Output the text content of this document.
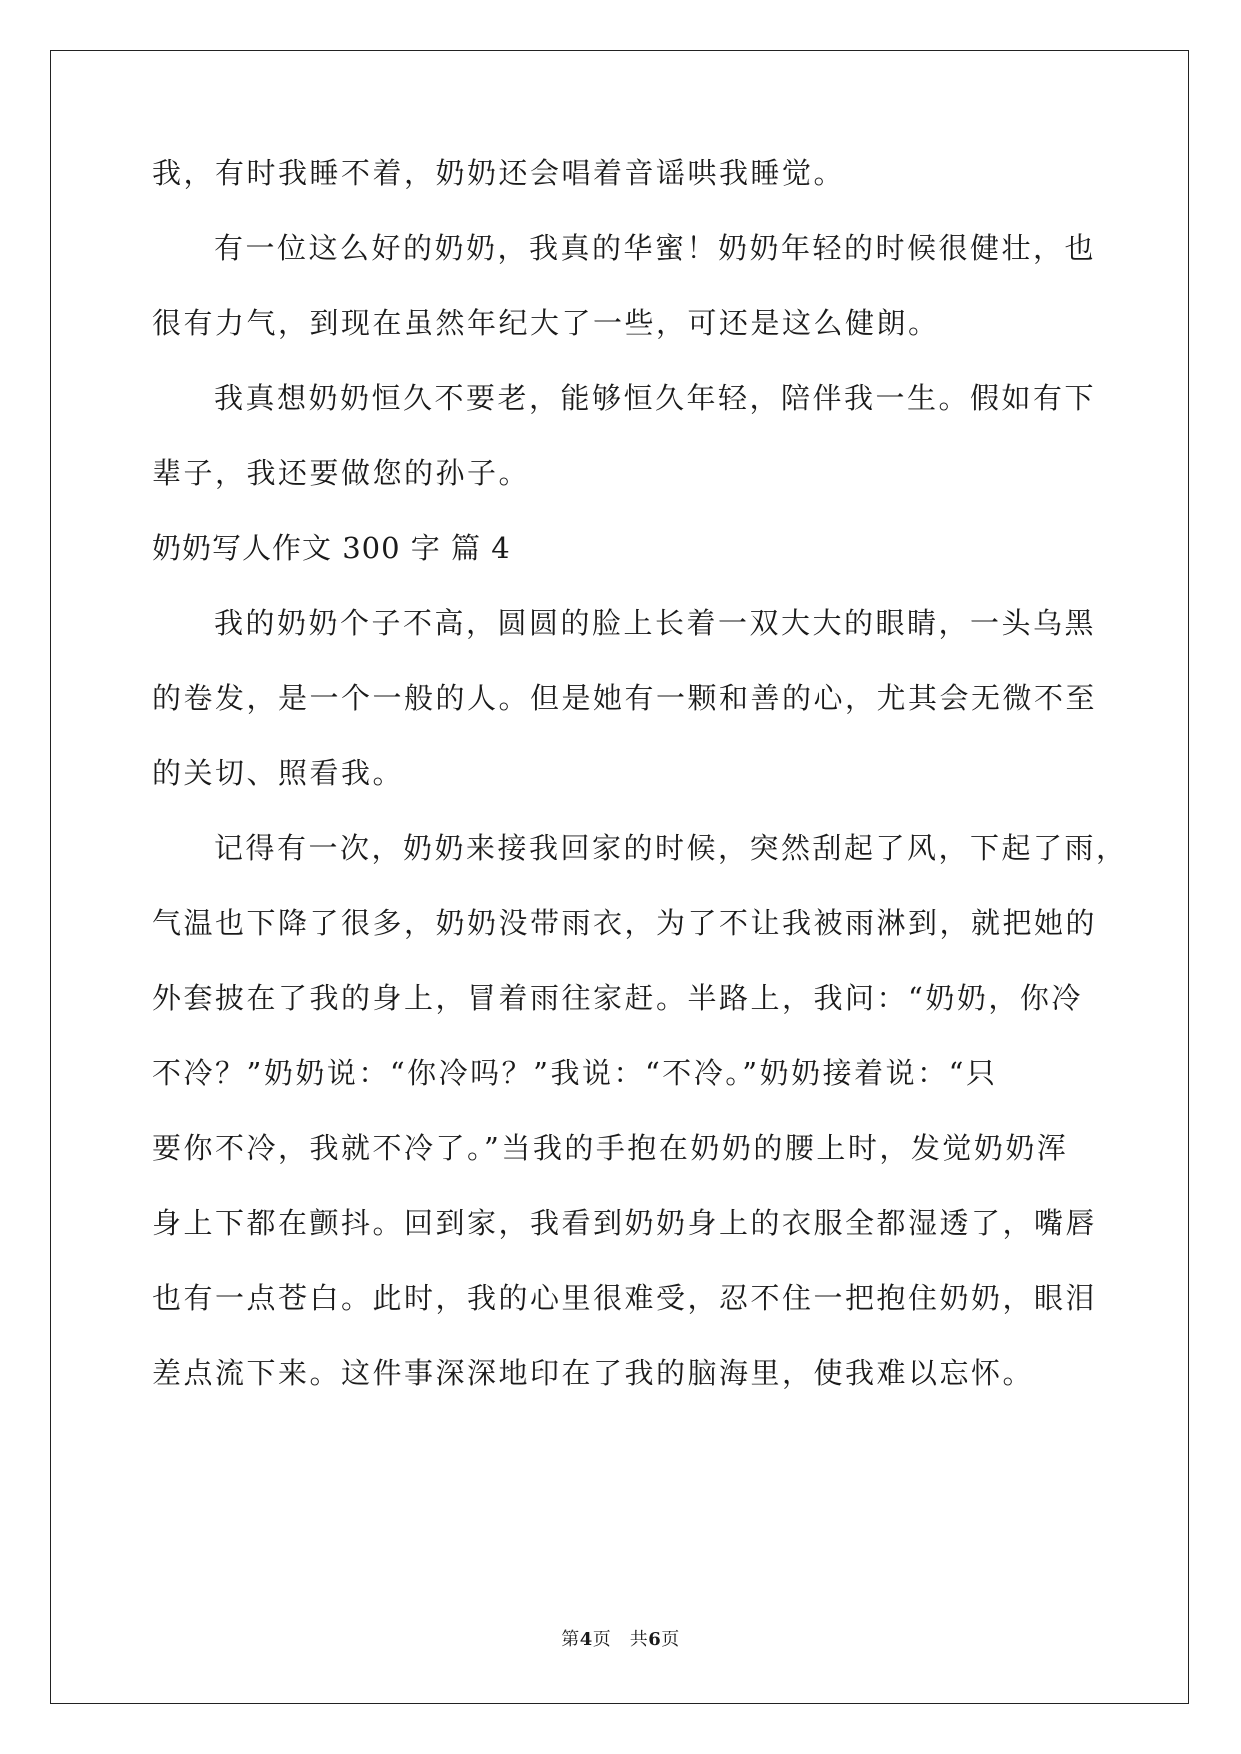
我，有时我睡不着，奶奶还会唱着音谣哄我睡觉。
有一位这么好的奶奶，我真的华蜜！奶奶年轻的时候很健壮，也
很有力气，到现在虽然年纪大了一些，可还是这么健朗。
我真想奶奶恒久不要老，能够恒久年轻，陪伴我一生。假如有下
辈子，我还要做您的孙子。
奶奶写人作文 300 字 篇 4
我的奶奶个子不高，圆圆的脸上长着一双大大的眼睛，一头乌黑
的卷发，是一个一般的人。但是她有一颗和善的心，尤其会无微不至
的关切、照看我。
记得有一次，奶奶来接我回家的时候，突然刮起了风，下起了雨，
气温也下降了很多，奶奶没带雨衣，为了不让我被雨淋到，就把她的
外套披在了我的身上，冒着雨往家赶。半路上，我问：“奶奶，你冷
不冷？”奶奶说：“你冷吗？”我说：“不冷。”奶奶接着说：“只
要你不冷，我就不冷了。”当我的手抱在奶奶的腰上时，发觉奶奶浑
身上下都在颤抖。回到家，我看到奶奶身上的衣服全都湿透了，嘴唇
也有一点苍白。此时，我的心里很难受，忍不住一把抱住奶奶，眼泪
差点流下来。这件事深深地印在了我的脑海里，使我难以忘怀。
第4页　共6页
